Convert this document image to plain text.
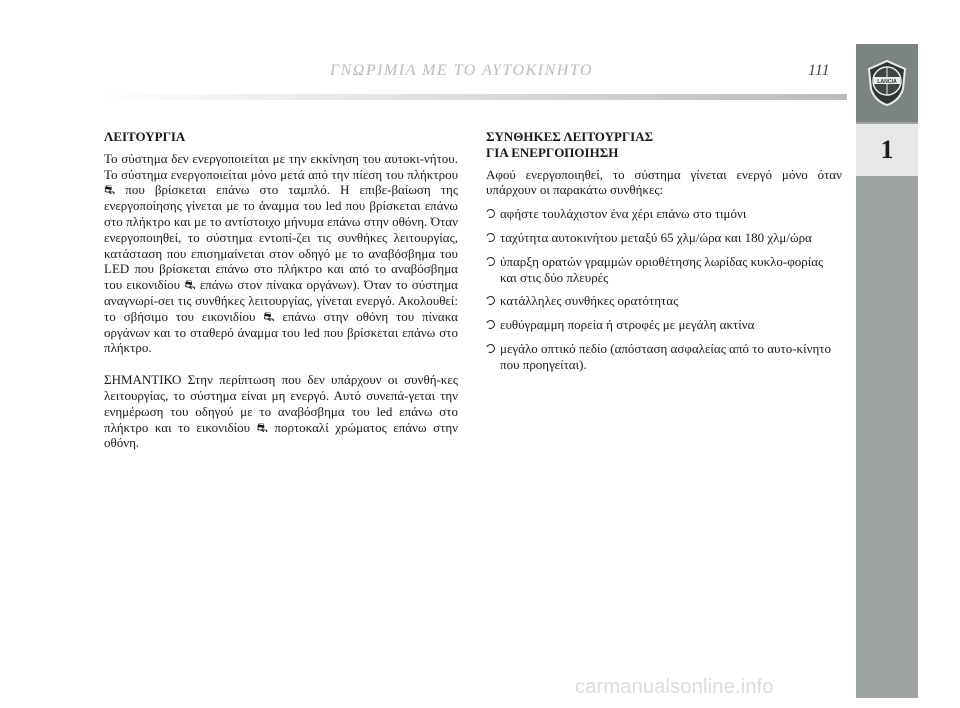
ΓΝΩΡΙΜΙΑ ΜΕ ΤΟ ΑΥΤΟΚΙΝΗΤΟ	111
LANCIA
1
ΛΕΙΤΟΥΡΓΙΑ

Το σύστημα δεν ενεργοποιείται με την εκκίνηση του αυτοκι-νήτου. Το σύστημα ενεργοποιείται μόνο μετά από την πίεση του πλήκτρου ⛐ που βρίσκεται επάνω στο ταμπλό. Η επιβε-βαίωση της ενεργοποίησης γίνεται με το άναμμα του led που βρίσκεται επάνω στο πλήκτρο και με το αντίστοιχο μήνυμα επάνω στην οθόνη. Όταν ενεργοποιηθεί, το σύστημα εντοπί-ζει τις συνθήκες λειτουργίας, κατάσταση που επισημαίνεται στον οδηγό με το αναβόσβημα του LED που βρίσκεται επάνω στο πλήκτρο και από το αναβόσβημα του εικονιδίου ⛐ επάνω στον πίνακα οργάνων). Όταν το σύστημα αναγνωρί-σει τις συνθήκες λειτουργίας, γίνεται ενεργό. Ακολουθεί: το σβήσιμο του εικονιδίου ⛐ επάνω στην οθόνη του πίνακα οργάνων και το σταθερό άναμμα του led που βρίσκεται επάνω στο πλήκτρο.

ΣΗΜΑΝΤΙΚΟ Στην περίπτωση που δεν υπάρχουν οι συνθή-κες λειτουργίας, το σύστημα είναι μη ενεργό. Αυτό συνεπά-γεται την ενημέρωση του οδηγού με το αναβόσβημα του led επάνω στο πλήκτρο και το εικονιδίου ⛐ πορτοκαλί χρώματος επάνω στην οθόνη.

ΣΥΝΘΗΚΕΣ ΛΕΙΤΟΥΡΓΙΑΣ
ΓΙΑ ΕΝΕΡΓΟΠΟΙΗΣΗ

Αφού ενεργοποιηθεί, το σύστημα γίνεται ενεργό μόνο όταν υπάρχουν οι παρακάτω συνθήκες:

αφήστε τουλάχιστον ένα χέρι επάνω στο τιμόνι
ταχύτητα αυτοκινήτου μεταξύ 65 χλμ/ώρα και 180 χλμ/ώρα
ύπαρξη ορατών γραμμών οριοθέτησης λωρίδας κυκλο-φορίας και στις δύο πλευρές
κατάλληλες συνθήκες ορατότητας
ευθύγραμμη πορεία ή στροφές με μεγάλη ακτίνα
μεγάλο οπτικό πεδίο (απόσταση ασφαλείας από το αυτο-κίνητο που προηγείται).
carmanualsonline.info
